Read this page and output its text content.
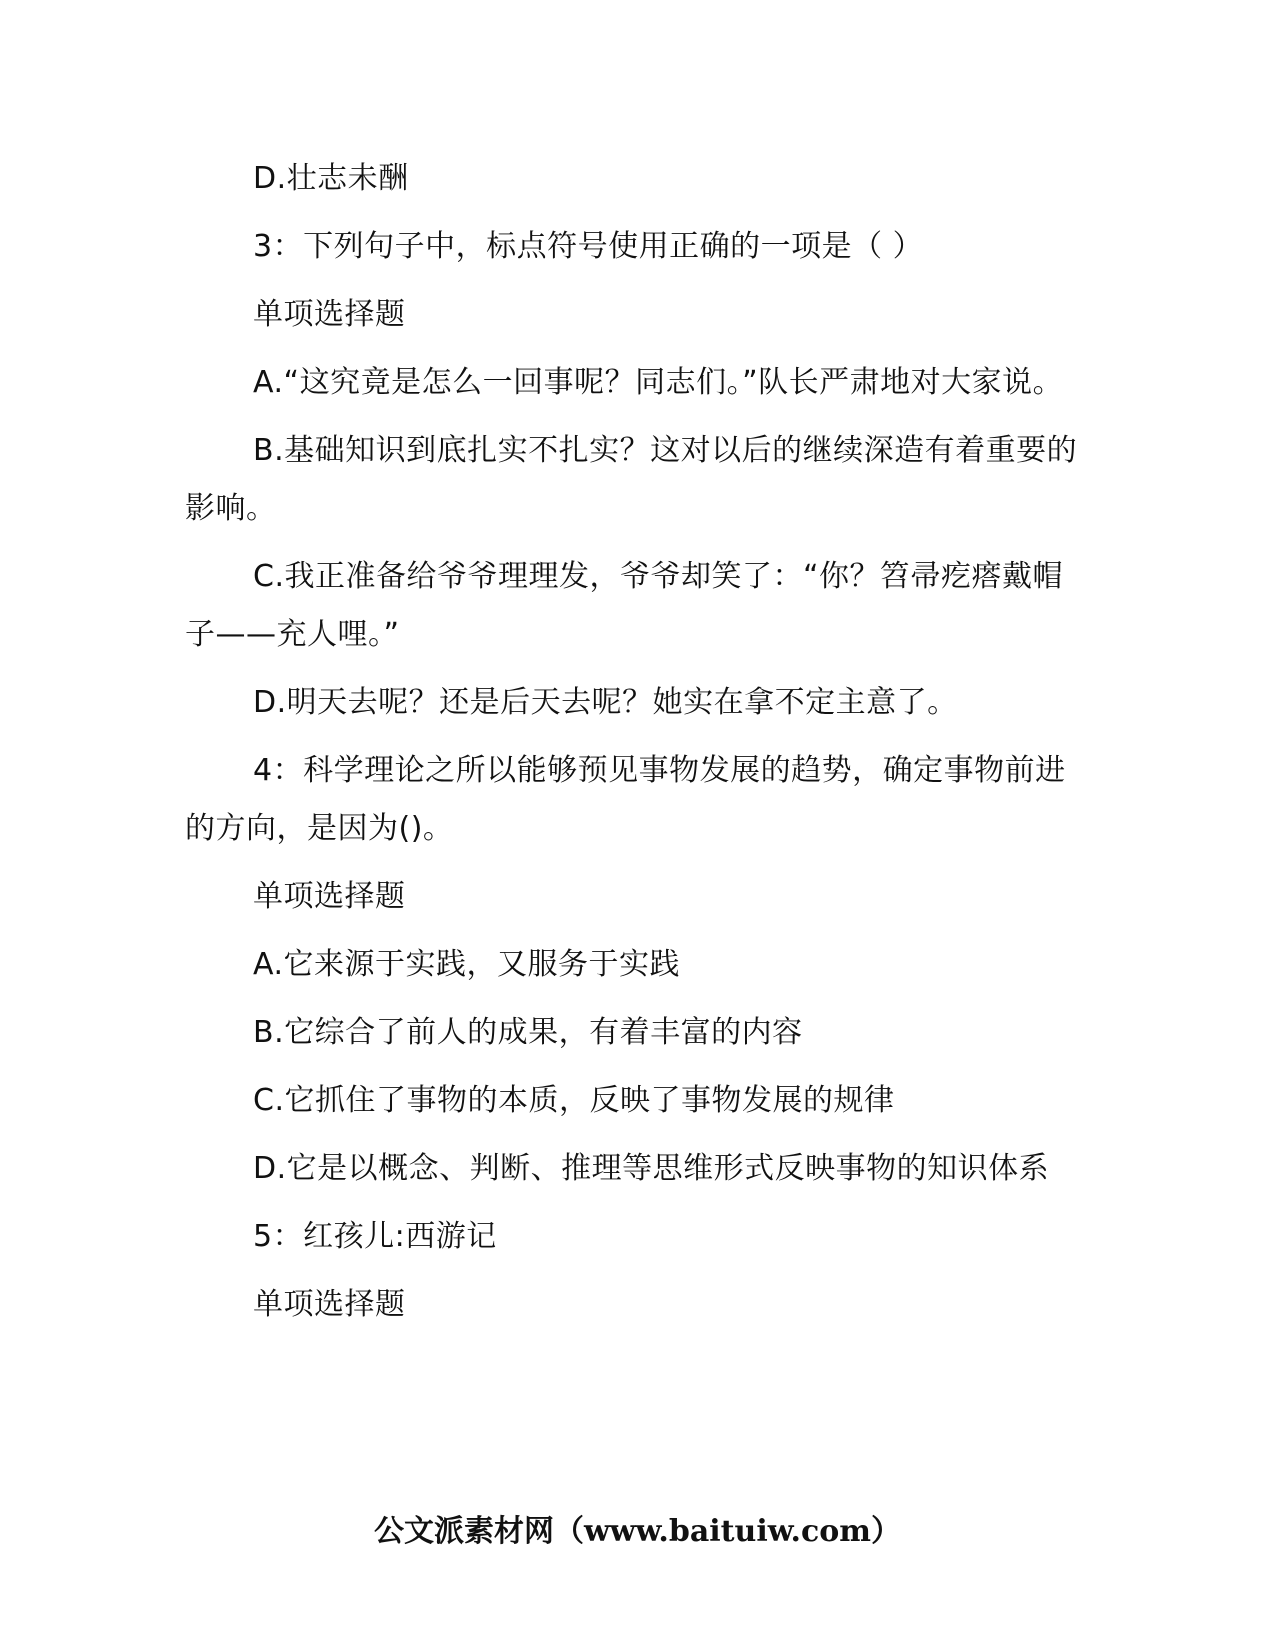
D.壮志未酬

3：下列句子中，标点符号使用正确的一项是（ ）

单项选择题

A.“这究竟是怎么一回事呢？同志们。”队长严肃地对大家说。

B.基础知识到底扎实不扎实？这对以后的继续深造有着重要的影响。

C.我正准备给爷爷理理发，爷爷却笑了：“你？笤帚疙瘩戴帽子——充人哩。”

D.明天去呢？还是后天去呢？她实在拿不定主意了。

4：科学理论之所以能够预见事物发展的趋势，确定事物前进的方向，是因为()。

单项选择题

A.它来源于实践，又服务于实践

B.它综合了前人的成果，有着丰富的内容

C.它抓住了事物的本质，反映了事物发展的规律

D.它是以概念、判断、推理等思维形式反映事物的知识体系

5：红孩儿:西游记

单项选择题

公文派素材网（www.baituiw.com）
